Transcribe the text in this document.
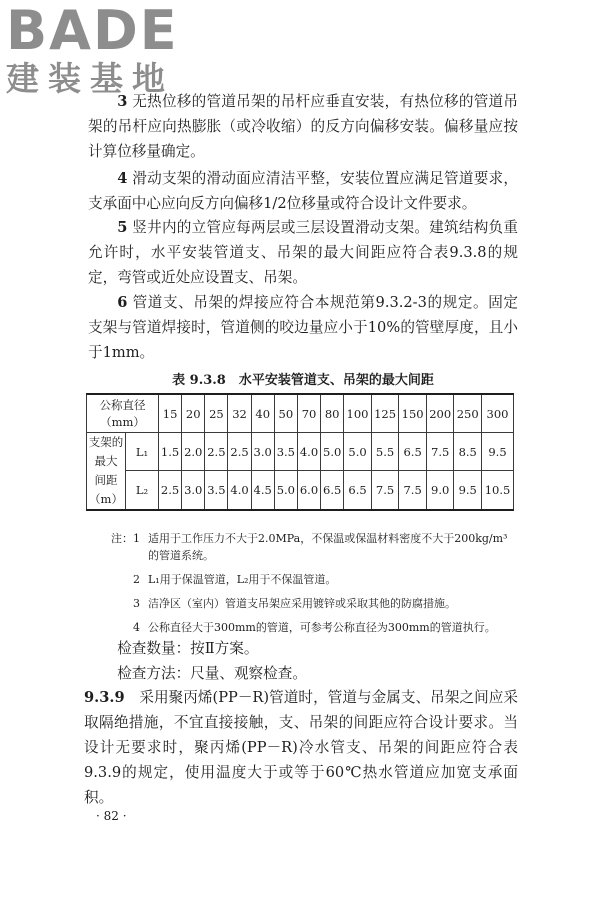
BADE
建装基地

3 无热位移的管道吊架的吊杆应垂直安装，有热位移的管道吊架的吊杆应向热膨胀（或冷收缩）的反方向偏移安装。偏移量应按计算位移量确定。

4 滑动支架的滑动面应清洁平整，安装位置应满足管道要求，支承面中心应向反方向偏移1/2位移量或符合设计文件要求。

5 竖井内的立管应每两层或三层设置滑动支架。建筑结构负重允许时，水平安装管道支、吊架的最大间距应符合表9.3.8的规定，弯管或近处应设置支、吊架。

6 管道支、吊架的焊接应符合本规范第9.3.2-3的规定。固定支架与管道焊接时，管道侧的咬边量应小于10%的管壁厚度，且小于1mm。

表 9.3.8　水平安装管道支、吊架的最大间距
公称直径
（mm）		15	20	25	32	40	50	70	80	100	125	150	200	250	300

支架的
最大
间距（m）	L₁	1.5	2.0	2.5	2.5	3.0	3.5	4.0	5.0	5.0	5.5	6.5	7.5	8.5	9.5
	L₂	2.5	3.0	3.5	4.0	4.5	5.0	6.0	6.5	6.5	7.5	7.5	9.0	9.5	10.5
注：1 适用于工作压力不大于2.0MPa，不保温或保温材料密度不大于200kg/m³的管道系统。
2 L₁用于保温管道，L₂用于不保温管道。
3 洁净区（室内）管道支吊架应采用镀锌或采取其他的防腐措施。
4 公称直径大于300mm的管道，可参考公称直径为300mm的管道执行。

检查数量：按Ⅱ方案。

检查方法：尺量、观察检查。

9.3.9　 采用聚丙烯(PP－R)管道时，管道与金属支、吊架之间应采取隔绝措施，不宜直接接触，支、吊架的间距应符合设计要求。当设计无要求时，聚丙烯(PP－R)冷水管支、吊架的间距应符合表9.3.9的规定，使用温度大于或等于60℃热水管道应加宽支承面积。

· 82 ·
